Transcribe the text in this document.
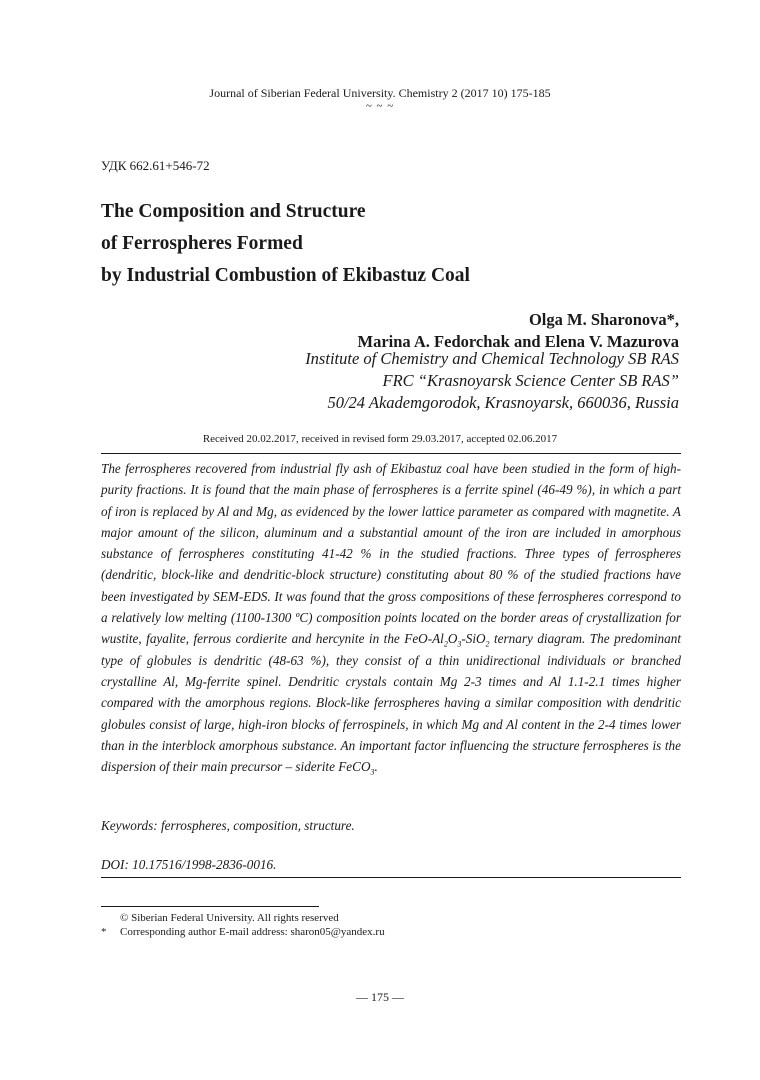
Journal of Siberian Federal University. Chemistry 2 (2017 10) 175-185
~ ~ ~
УДК 662.61+546-72
The Composition and Structure
of Ferrospheres Formed
by Industrial Combustion of Ekibastuz Coal
Olga M. Sharonova*,
Marina A. Fedorchak and Elena V. Mazurova
Institute of Chemistry and Chemical Technology SB RAS
FRC “Krasnoyarsk Science Center SB RAS”
50/24 Akademgorodok, Krasnoyarsk, 660036, Russia
Received 20.02.2017, received in revised form 29.03.2017, accepted 02.06.2017
The ferrospheres recovered from industrial fly ash of Ekibastuz coal have been studied in the form of high-purity fractions. It is found that the main phase of ferrospheres is a ferrite spinel (46-49 %), in which a part of iron is replaced by Al and Mg, as evidenced by the lower lattice parameter as compared with magnetite. A major amount of the silicon, aluminum and a substantial amount of the iron are included in amorphous substance of ferrospheres constituting 41-42 % in the studied fractions. Three types of ferrospheres (dendritic, block-like and dendritic-block structure) constituting about 80 % of the studied fractions have been investigated by SEM-EDS. It was found that the gross compositions of these ferrospheres correspond to a relatively low melting (1100-1300 ºC) composition points located on the border areas of crystallization for wustite, fayalite, ferrous cordierite and hercynite in the FeO-$Al_2O_3-SiO_2$ ternary diagram. The predominant type of globules is dendritic (48-63 %), they consist of a thin unidirectional individuals or branched crystalline Al, Mg-ferrite spinel. Dendritic crystals contain Mg 2-3 times and Al 1.1-2.1 times higher compared with the amorphous regions. Block-like ferrospheres having a similar composition with dendritic globules consist of large, high-iron blocks of ferrospinels, in which Mg and Al content in the 2-4 times lower than in the interblock amorphous substance. An important factor influencing the structure ferrospheres is the dispersion of their main precursor – siderite FeCO$_3$.
Keywords: ferrospheres, composition, structure.
DOI: 10.17516/1998-2836-0016.
© Siberian Federal University. All rights reserved
* Corresponding author E-mail address: sharon05@yandex.ru
— 175 —
